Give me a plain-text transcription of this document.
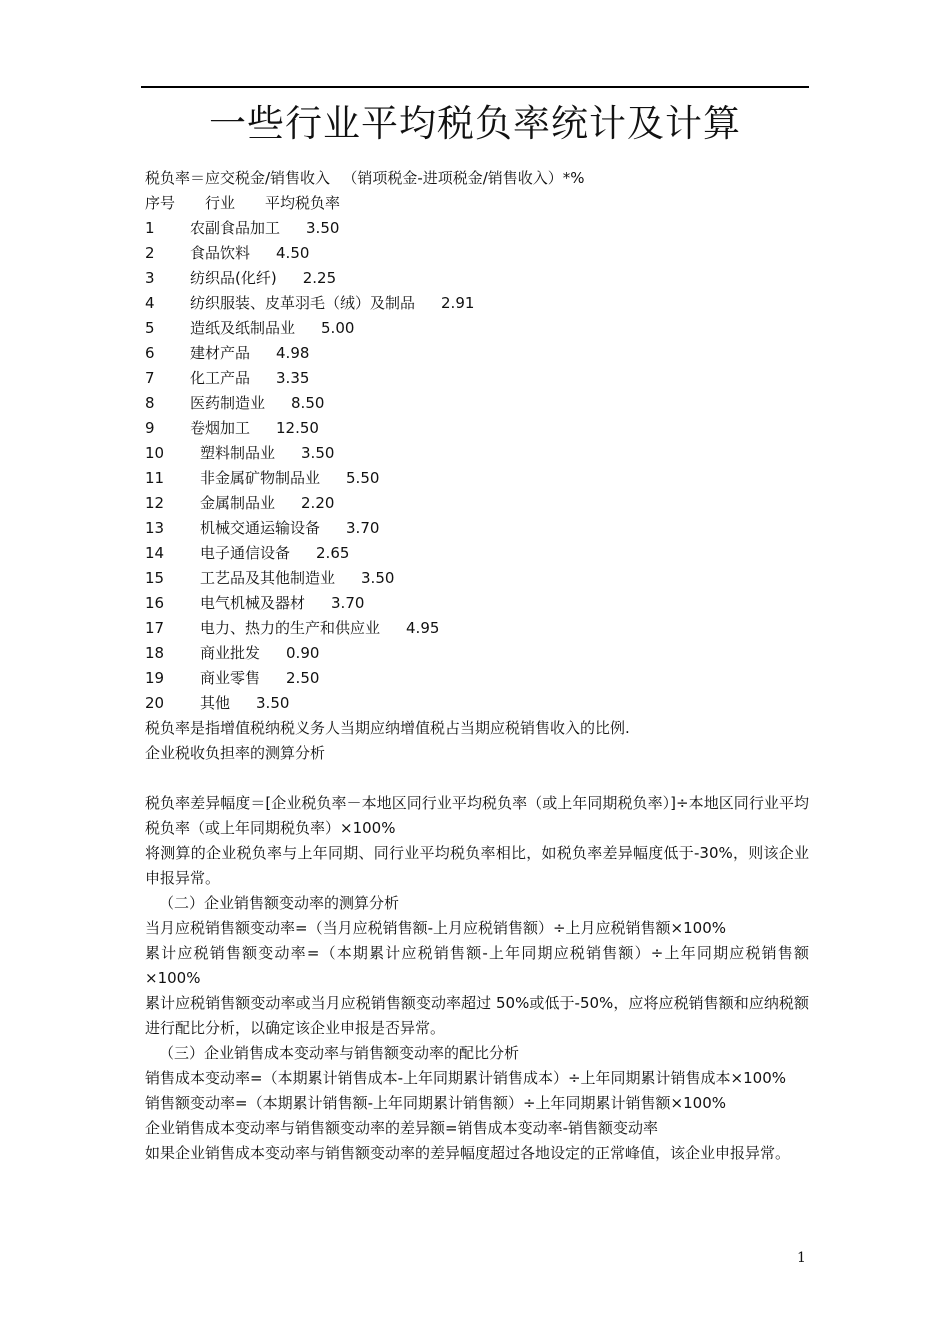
一些行业平均税负率统计及计算
税负率＝应交税金/销售收入 　（销项税金-进项税金/销售收入）*%
序号　　行业　　平均税负率
1 农副食品加工 3.50
2 食品饮料 4.50
3 纺织品(化纤) 2.25
4 纺织服装、皮革羽毛（绒）及制品 2.91
5 造纸及纸制品业 5.00
6 建材产品 4.98
7 化工产品 3.35
8 医药制造业 8.50
9 卷烟加工 12.50
10 塑料制品业 3.50
11 非金属矿物制品业 5.50
12 金属制品业 2.20
13 机械交通运输设备 3.70
14 电子通信设备 2.65
15 工艺品及其他制造业 3.50
16 电气机械及器材 3.70
17 电力、热力的生产和供应业 4.95
18 商业批发 0.90
19 商业零售 2.50
20 其他 3.50
税负率是指增值税纳税义务人当期应纳增值税占当期应税销售收入的比例.
企业税收负担率的测算分析
税负率差异幅度＝[企业税负率－本地区同行业平均税负率（或上年同期税负率）]÷本地区同行业平均税负率（或上年同期税负率）×100%
将测算的企业税负率与上年同期、同行业平均税负率相比，如税负率差异幅度低于-30%，则该企业申报异常。
（二）企业销售额变动率的测算分析
当月应税销售额变动率=（当月应税销售额-上月应税销售额）÷上月应税销售额×100%
累计应税销售额变动率=（本期累计应税销售额-上年同期应税销售额）÷上年同期应税销售额×100%
累计应税销售额变动率或当月应税销售额变动率超过 50%或低于-50%，应将应税销售额和应纳税额进行配比分析，以确定该企业申报是否异常。
（三）企业销售成本变动率与销售额变动率的配比分析
销售成本变动率=（本期累计销售成本-上年同期累计销售成本）÷上年同期累计销售成本×100%
销售额变动率=（本期累计销售额-上年同期累计销售额）÷上年同期累计销售额×100%
企业销售成本变动率与销售额变动率的差异额=销售成本变动率-销售额变动率
如果企业销售成本变动率与销售额变动率的差异幅度超过各地设定的正常峰值，该企业申报异常。
1
